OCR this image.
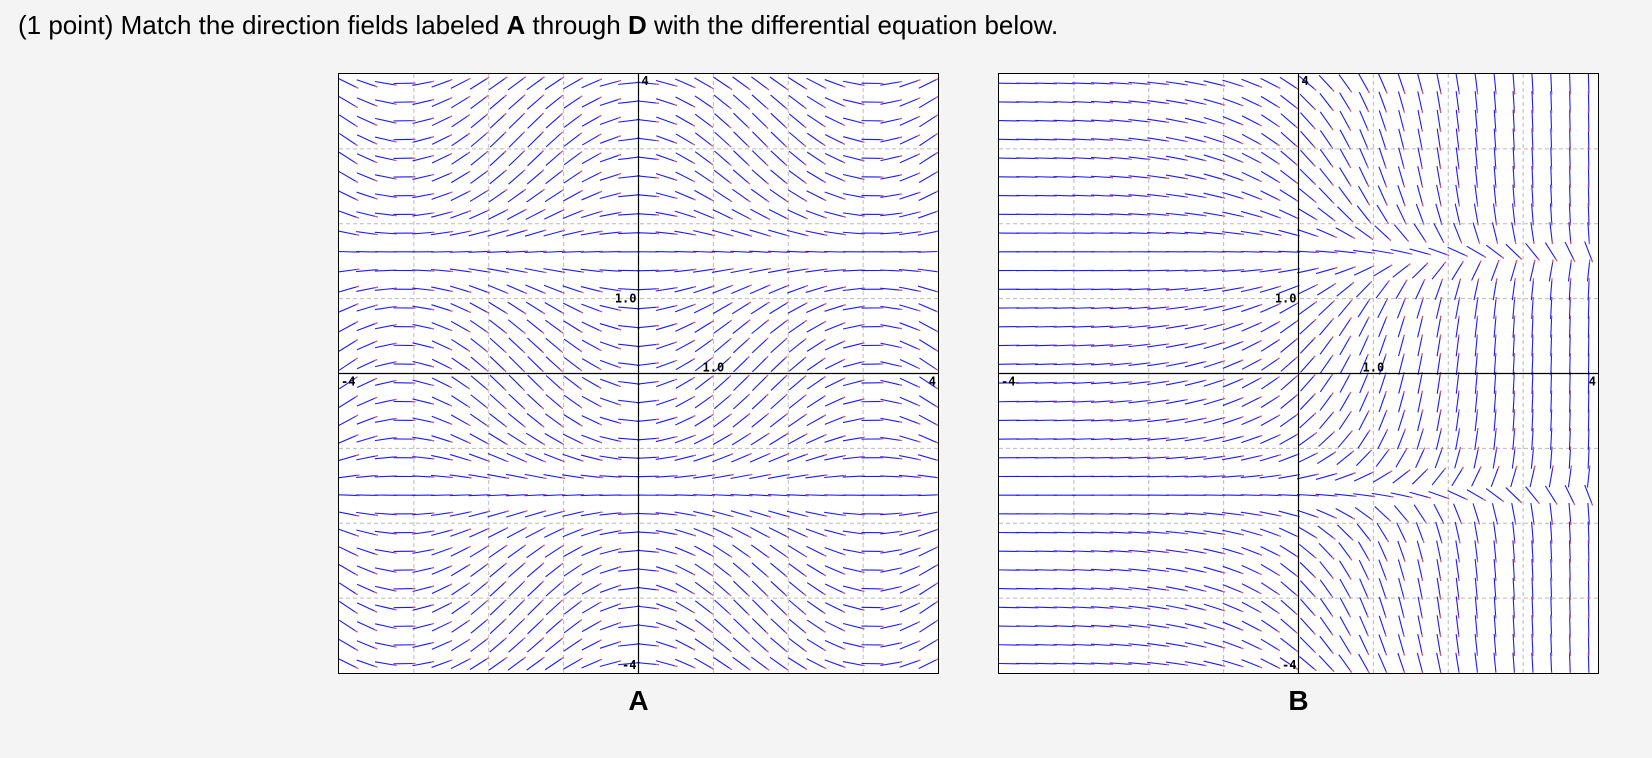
(1 point) Match the direction fields labeled A through D with the differential equation below.
-4	4
4
-4
1.0
1.0
A
-4	4
4
-4
1.0
1.0
B
